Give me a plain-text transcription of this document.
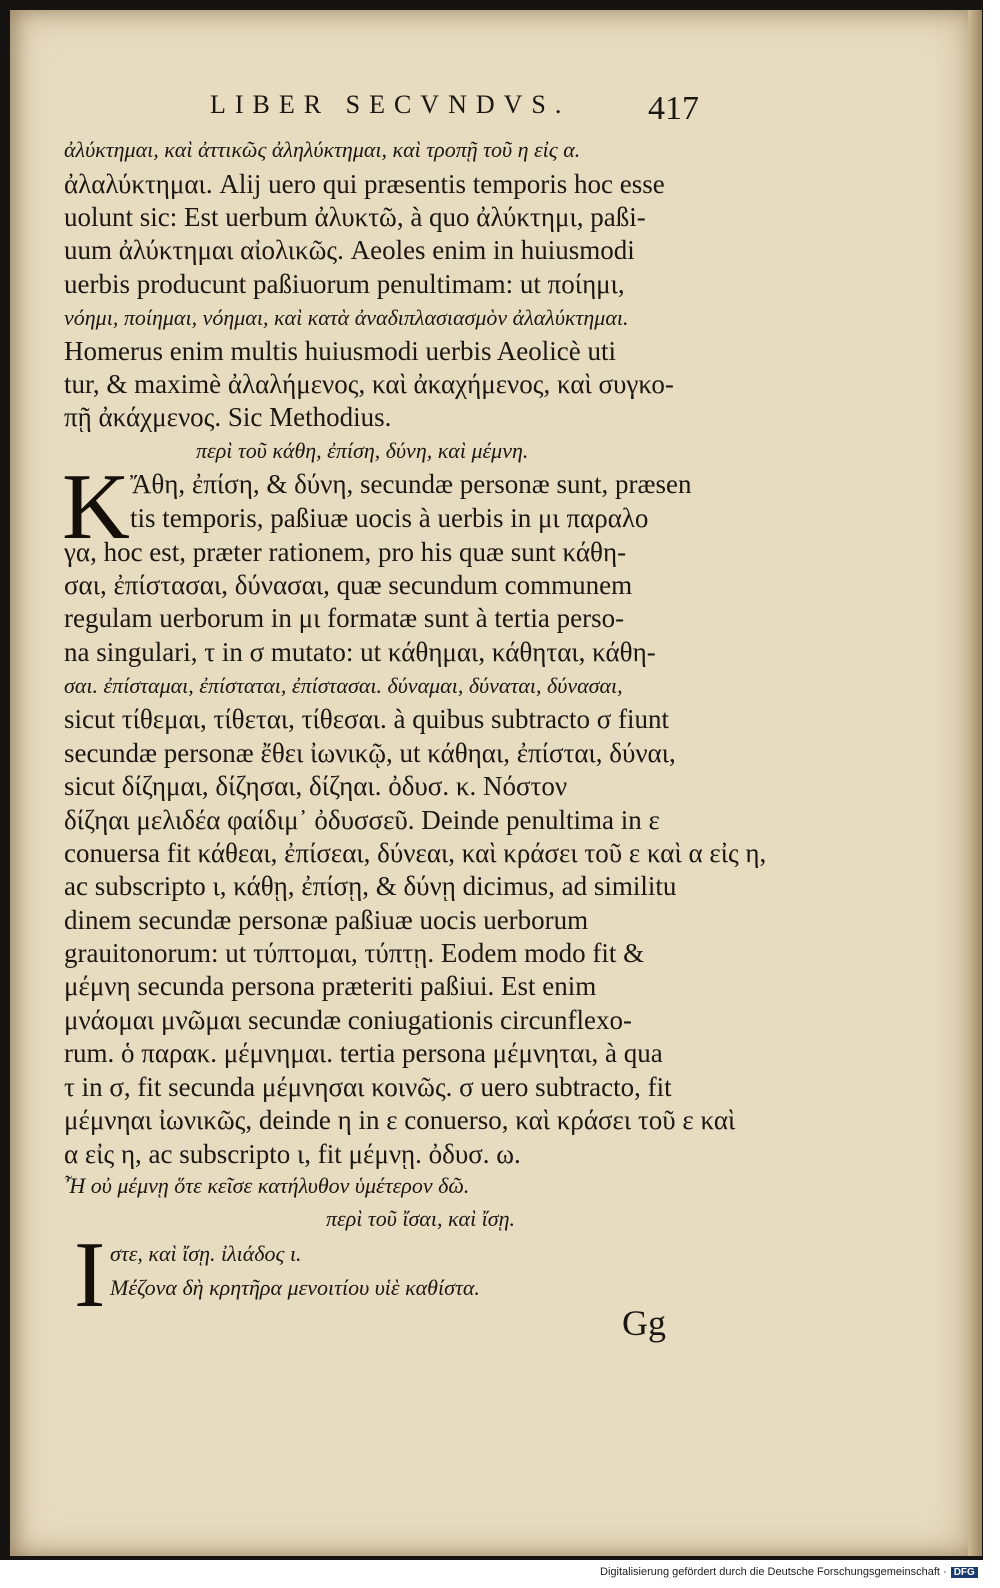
LIBER SECVNDVS. 417
ἀλύκτημαι, καὶ ἀττικῶς ἀληλύκτημαι, καὶ τροπῇ τοῦ η εἰς α.
ἀλαλύκτημαι. Alij uero qui præsentis temporis hoc esse
uolunt sic: Est uerbum ἀλυκτῶ, à quo ἀλύκτημι, paßi-
uum ἀλύκτημαι αἰολικῶς. Aeoles enim in huiusmodi
uerbis producunt paßiuorum penultimam: ut ποίημι,
νόημι, ποίημαι, νόημαι, καὶ κατὰ ἀναδιπλασιασμὸν ἀλαλύκτημαι.
Homerus enim multis huiusmodi uerbis Aeolicè uti
tur, & maximè ἀλαλήμενος, καὶ ἀκαχήμενος, καὶ συγκο-
πῇ ἀκάχμενος. Sic Methodius.
περὶ τοῦ κάθη, ἐπίση, δύνη, καὶ μέμνη.
K Ἄθη, ἐπίση, & δύνη, secundæ personæ sunt, præsen
tis temporis, paßiuæ uocis à uerbis in μι παραλο
γα, hoc est, præter rationem, pro his quæ sunt κάθη-
σαι, ἐπίστασαι, δύνασαι, quæ secundum communem
regulam uerborum in μι formatæ sunt à tertia perso-
na singulari, τ in σ mutato: ut κάθημαι, κάθηται, κάθη-
σαι. ἐπίσταμαι, ἐπίσταται, ἐπίστασαι. δύναμαι, δύναται, δύνασαι,
sicut τίθεμαι, τίθεται, τίθεσαι. à quibus subtracto σ fiunt
secundæ personæ ἔθει ἰωνικῷ, ut κάθηαι, ἐπίσται, δύναι,
sicut δίζημαι, δίζησαι, δίζηαι. ὀδυσ. κ. Νόστον
δίζηαι μελιδέα φαίδιμ᾽ ὀδυσσεῦ. Deinde penultima in ε
conuersa fit κάθεαι, ἐπίσεαι, δύνεαι, καὶ κράσει τοῦ ε καὶ α εἰς η,
ac subscripto ι, κάθῃ, ἐπίσῃ, & δύνῃ dicimus, ad similitu
dinem secundæ personæ paßiuæ uocis uerborum
grauitonorum: ut τύπτομαι, τύπτῃ. Eodem modo fit &
μέμνη secunda persona præteriti paßiui. Est enim
μνάομαι μνῶμαι secundæ coniugationis circunflexo-
rum. ὁ παρακ. μέμνημαι. tertia persona μέμνηται, à qua
τ in σ, fit secunda μέμνησαι κοινῶς. σ uero subtracto, fit
μέμνηαι ἰωνικῶς, deinde η in ε conuerso, καὶ κράσει τοῦ ε καὶ
α εἰς η, ac subscripto ι, fit μέμνῃ. ὀδυσ. ω.
Ἦ οὐ μέμνῃ ὅτε κεῖσε κατήλυθον ὑμέτερον δῶ.
περὶ τοῦ ἴσαι, καὶ ἴσῃ.
I στε, καὶ ἴσῃ. ἰλιάδος ι.
Μέζονα δὴ κρητῆρα μενοιτίου υἱὲ καθίστα.
Gg
Digitalisierung gefördert durch die Deutsche Forschungsgemeinschaft · DFG
